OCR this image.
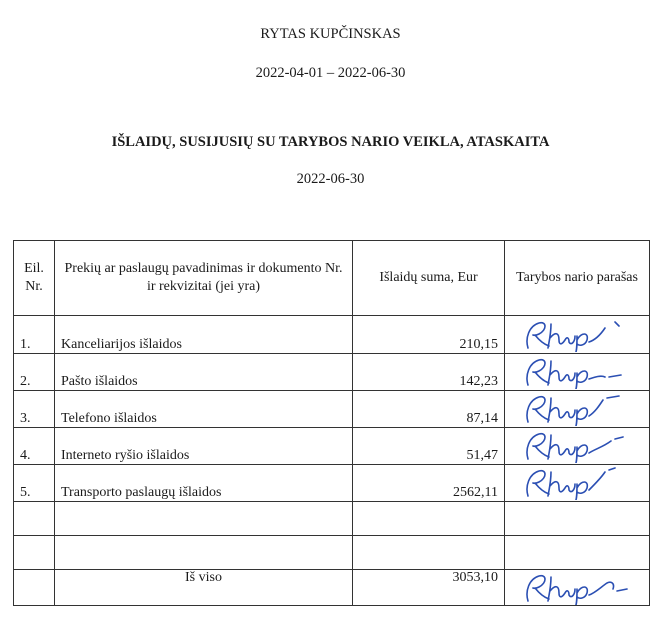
RYTAS KUPČINSKAS
2022-04-01 – 2022-06-30
IŠLAIDŲ, SUSIJUSIŲ SU TARYBOS NARIO VEIKLA, ATASKAITA
2022-06-30
Eil. Nr.	Prekių ar paslaugų pavadinimas ir dokumento Nr. ir rekvizitai (jei yra)	Išlaidų suma, Eur	Tarybos nario parašas
1.	Kanceliarijos išlaidos	210,15	

2.	Pašto išlaidos	142,23	

3.	Telefono išlaidos	87,14	

4.	Interneto ryšio išlaidos	51,47	

5.	Transporto paslaugų išlaidos	2562,11	

	Iš viso	3053,10	
